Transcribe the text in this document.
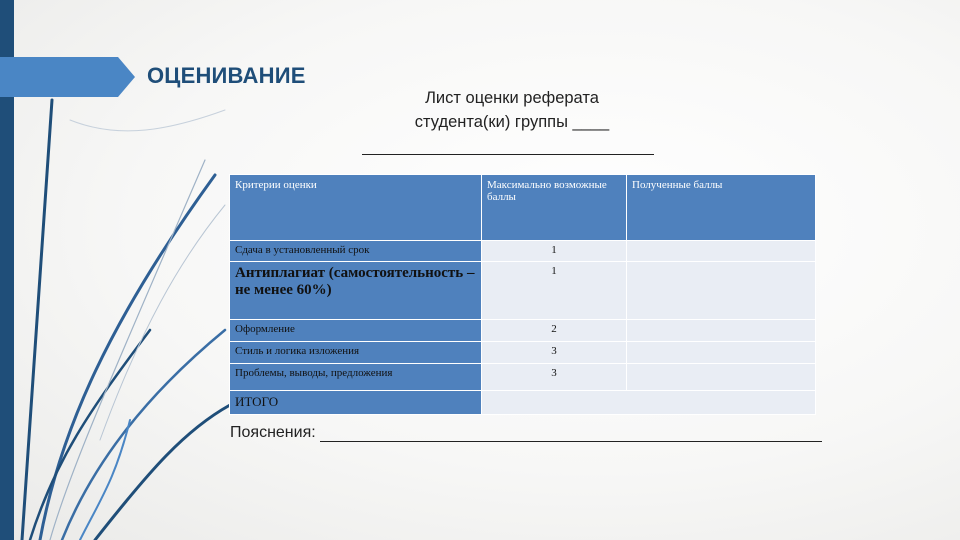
ОЦЕНИВАНИЕ
Лист оценки реферата
студента(ки) группы ____
Критерии оценки	Максимально возможные баллы	Полученные баллы
Сдача в установленный срок	1	
Антиплагиат (самостоятельность – не менее 60%)	1	
Оформление	2	
Стиль и логика изложения	3	
Проблемы, выводы, предложения	3	
ИТОГО		
Пояснения:
